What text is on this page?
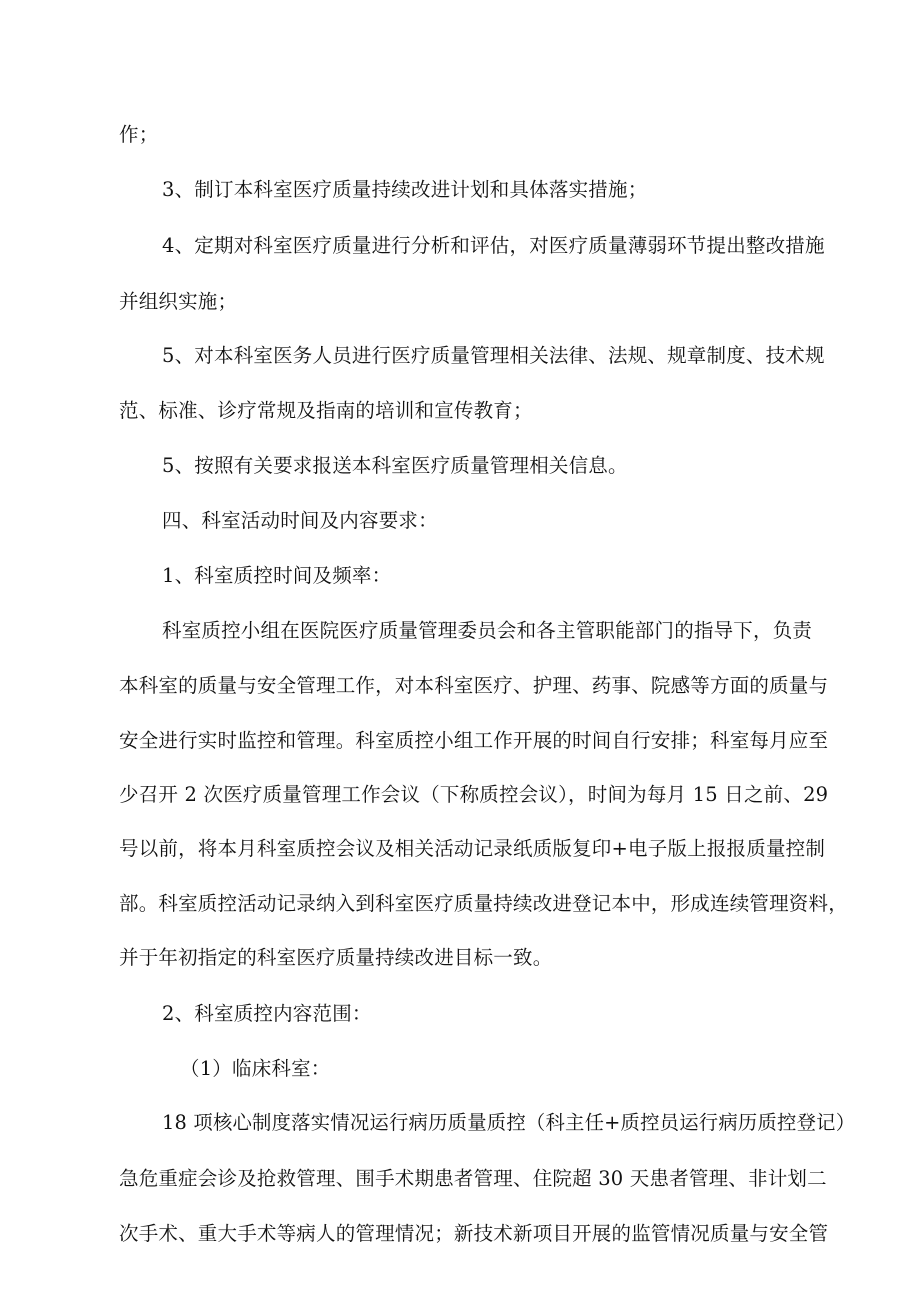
作；
3、制订本科室医疗质量持续改进计划和具体落实措施；
4、定期对科室医疗质量进行分析和评估，对医疗质量薄弱环节提出整改措施
并组织实施；
5、对本科室医务人员进行医疗质量管理相关法律、法规、规章制度、技术规
范、标准、诊疗常规及指南的培训和宣传教育；
5、按照有关要求报送本科室医疗质量管理相关信息。
四、科室活动时间及内容要求：
1、科室质控时间及频率：
科室质控小组在医院医疗质量管理委员会和各主管职能部门的指导下，负责
本科室的质量与安全管理工作，对本科室医疗、护理、药事、院感等方面的质量与
安全进行实时监控和管理。科室质控小组工作开展的时间自行安排；科室每月应至
少召开 2 次医疗质量管理工作会议（下称质控会议），时间为每月 15 日之前、29
号以前，将本月科室质控会议及相关活动记录纸质版复印+电子版上报报质量控制
部。科室质控活动记录纳入到科室医疗质量持续改进登记本中，形成连续管理资料，
并于年初指定的科室医疗质量持续改进目标一致。
2、科室质控内容范围：
（1）临床科室：
18 项核心制度落实情况运行病历质量质控（科主任+质控员运行病历质控登记）
急危重症会诊及抢救管理、围手术期患者管理、住院超 30 天患者管理、非计划二
次手术、重大手术等病人的管理情况；新技术新项目开展的监管情况质量与安全管
